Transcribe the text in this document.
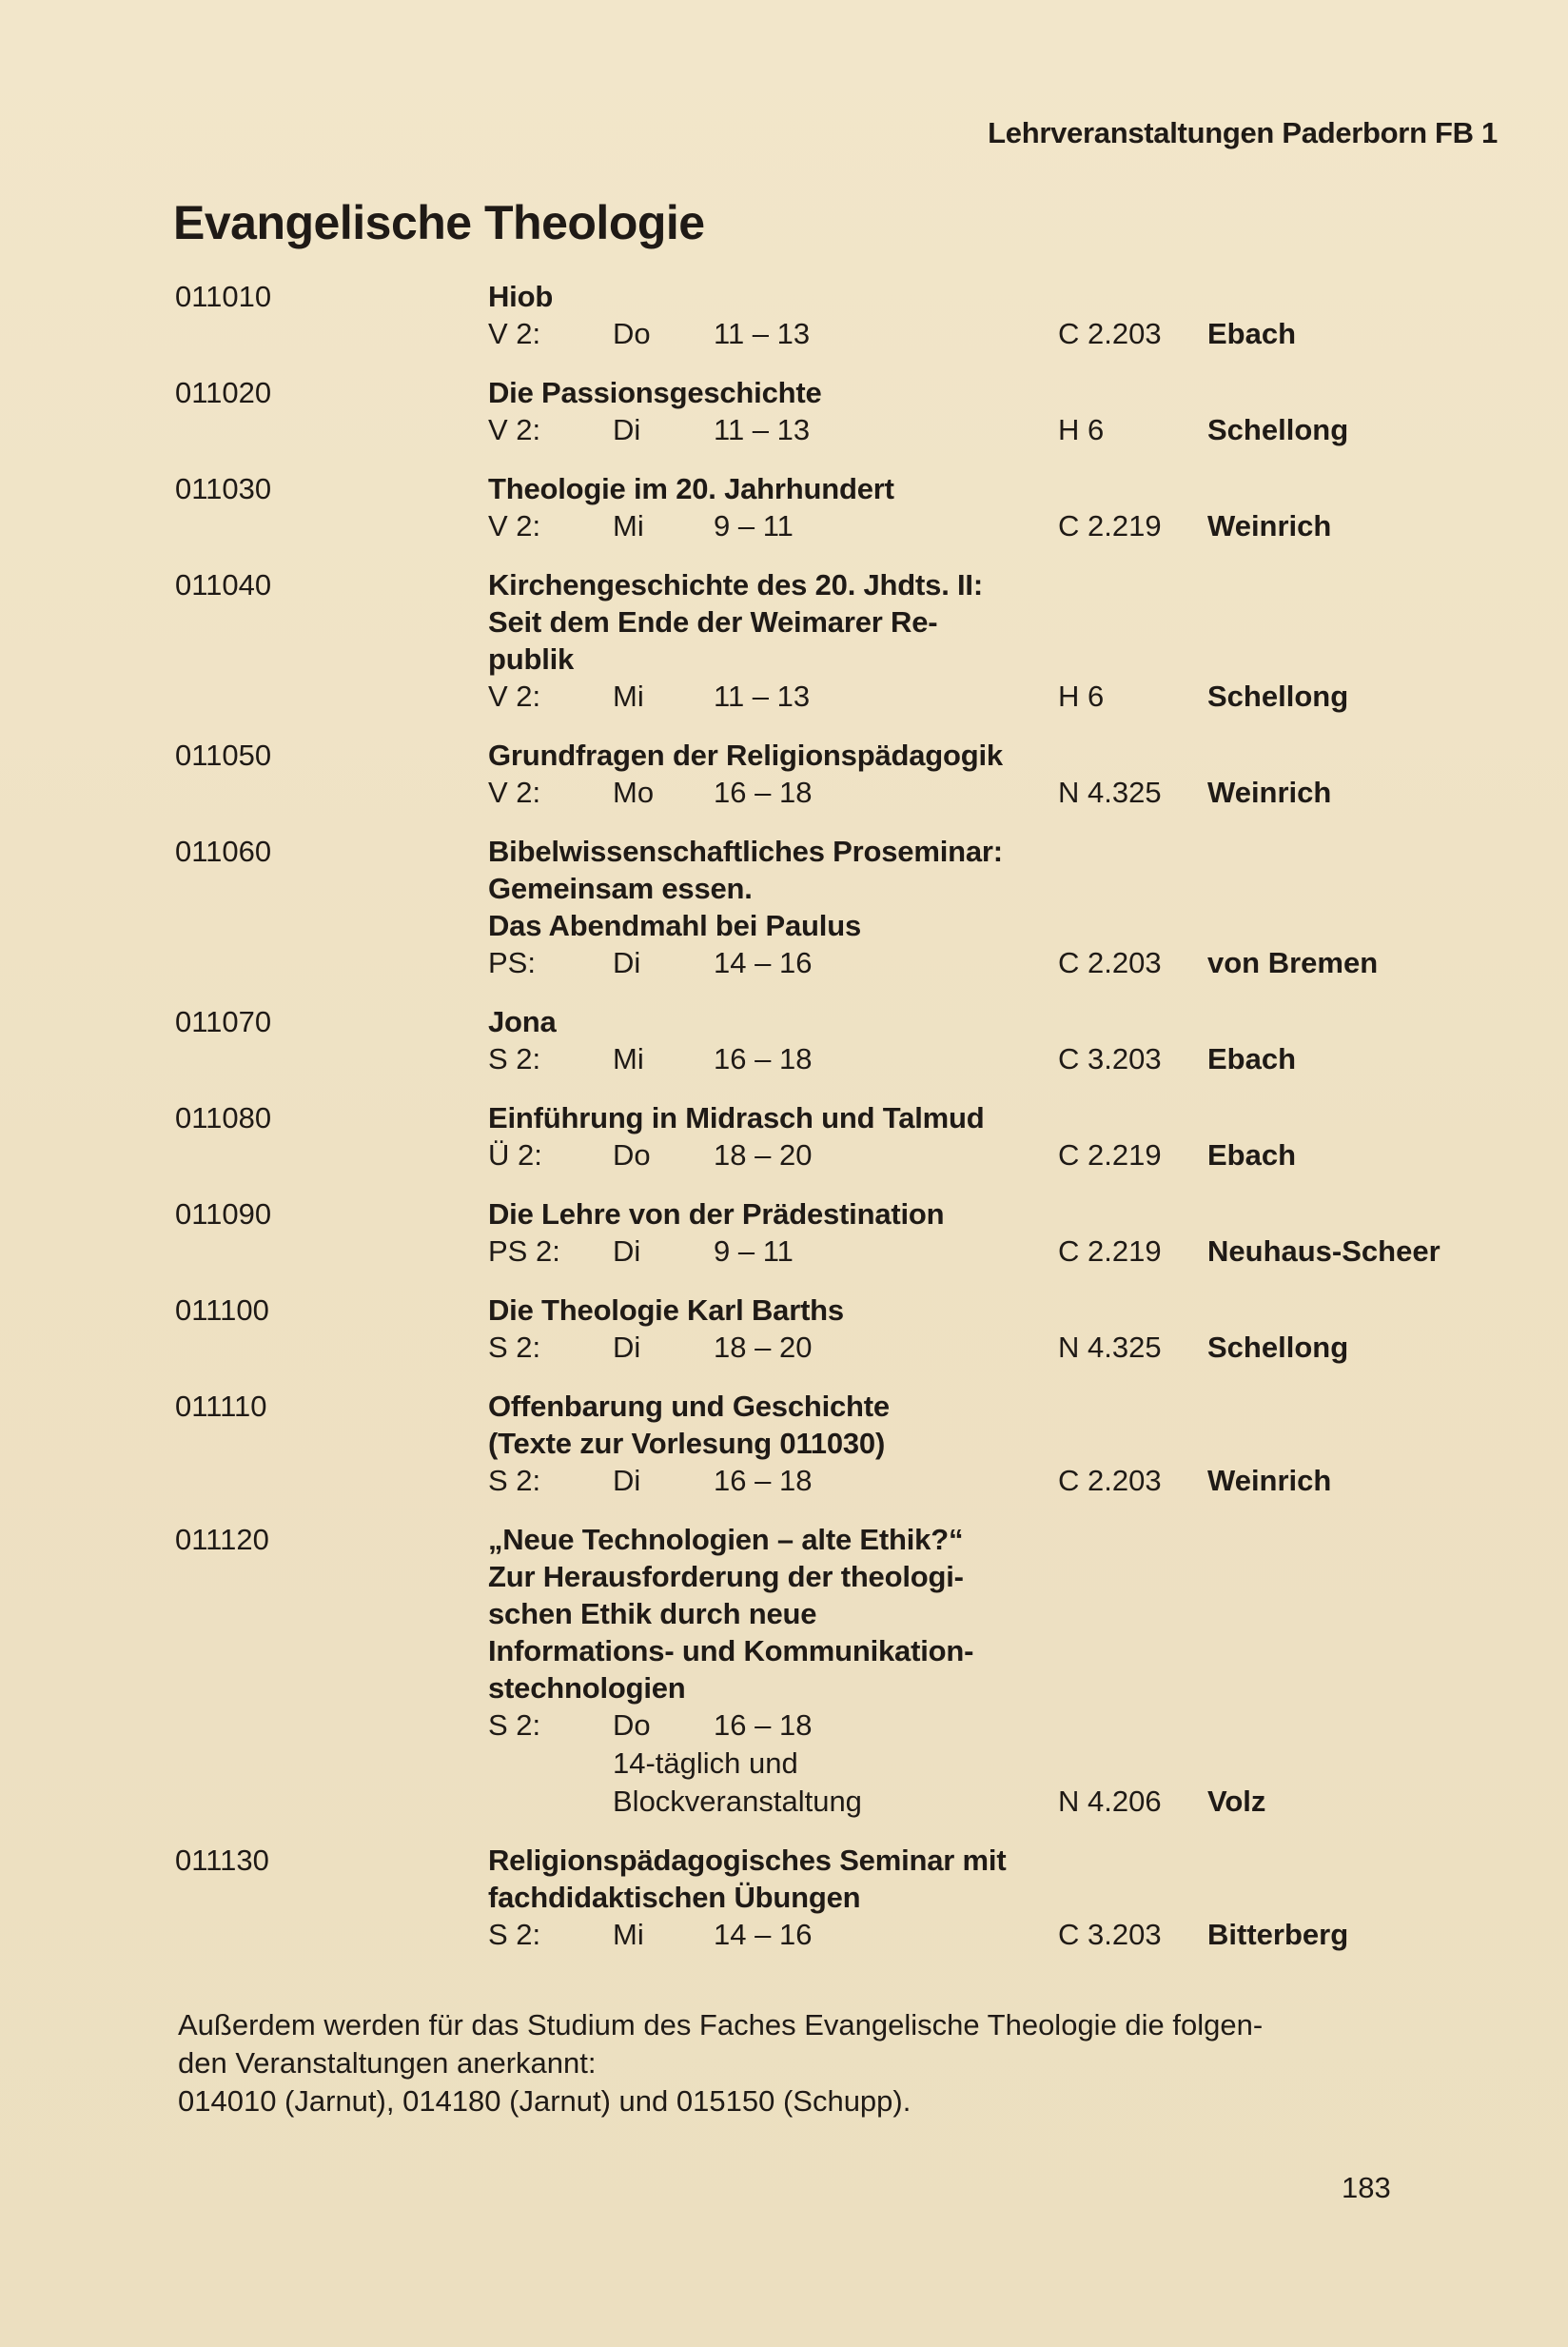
Lehrveranstaltungen Paderborn FB 1
Evangelische Theologie
011010	Hiob
V 2: Do 11 – 13	C 2.203 Ebach
011020	Die Passionsgeschichte
V 2: Di 11 – 13	H 6	Schellong
011030	Theologie im 20. Jahrhundert
V 2: Mi 9 – 11	C 2.219 Weinrich
011040	Kirchengeschichte des 20. Jhdts. II:
Seit dem Ende der Weimarer Re-
publik
V 2: Mi 11 – 13	H 6	Schellong
011050	Grundfragen der Religionspädagogik
V 2: Mo 16 – 18	N 4.325 Weinrich
011060	Bibelwissenschaftliches Proseminar:
Gemeinsam essen.
Das Abendmahl bei Paulus
PS:	Di 14 – 16	C 2.203 von Bremen
011070	Jona
S 2: Mi 16 – 18	C 3.203 Ebach
011080	Einführung in Midrasch und Talmud
Ü 2: Do 18 – 20	C 2.219 Ebach
011090	Die Lehre von der Prädestination
PS 2: Di 9 – 11	C 2.219 Neuhaus-Scheer
011100	Die Theologie Karl Barths
S 2: Di 18 – 20	N 4.325 Schellong
011110	Offenbarung und Geschichte
(Texte zur Vorlesung 011030)
S 2: Di 16 – 18	C 2.203 Weinrich
011120	„Neue Technologien – alte Ethik?“
Zur Herausforderung der theologi-
schen Ethik durch neue
Informations- und Kommunikation-
stechnologien
S 2: Do 16 – 18
14-täglich und
Blockveranstaltung	N 4.206 Volz
011130	Religionspädagogisches Seminar mit
fachdidaktischen Übungen
S 2: Mi 14 – 16	C 3.203 Bitterberg
Außerdem werden für das Studium des Faches Evangelische Theologie die folgen-
den Veranstaltungen anerkannt:
014010 (Jarnut), 014180 (Jarnut) und 015150 (Schupp).
183
